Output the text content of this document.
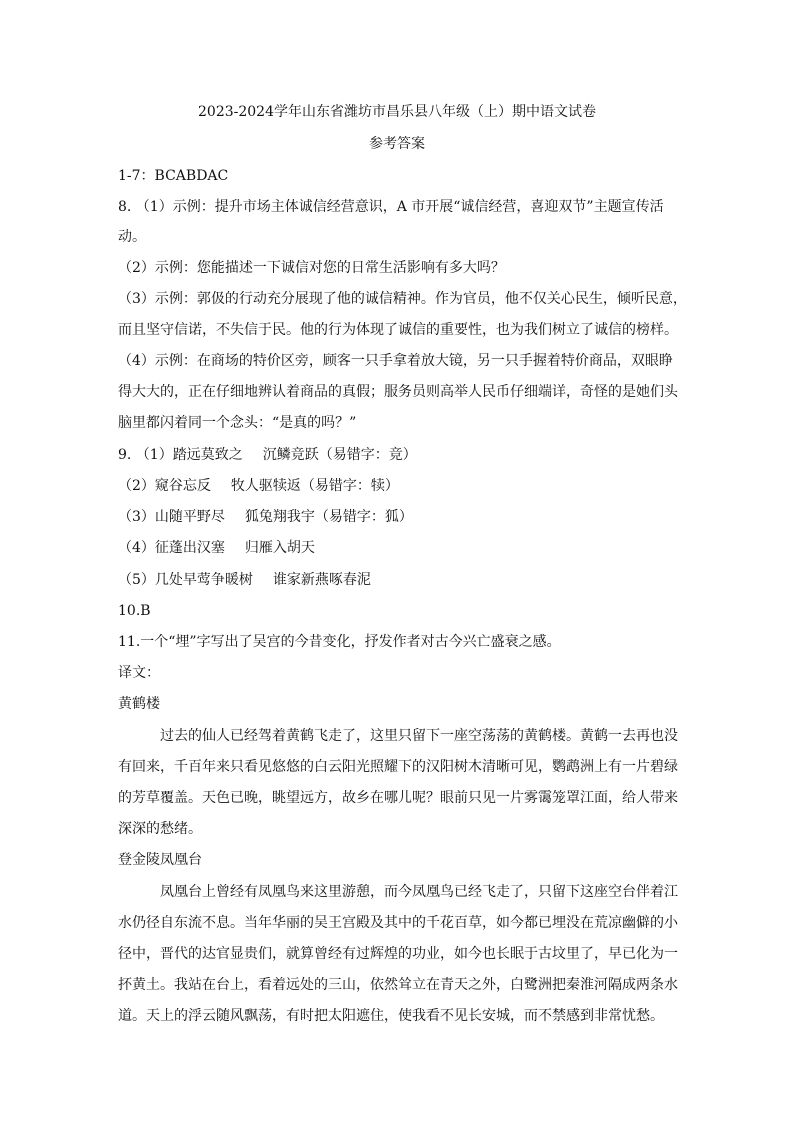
2023-2024学年山东省潍坊市昌乐县八年级（上）期中语文试卷
参考答案
1-7：BCABDAC
8. （1）示例：提升市场主体诚信经营意识，A 市开展“诚信经营，喜迎双节”主题宣传活
动。
（2）示例：您能描述一下诚信对您的日常生活影响有多大吗？
（3）示例：郭伋的行动充分展现了他的诚信精神。作为官员，他不仅关心民生，倾听民意，
而且坚守信诺，不失信于民。他的行为体现了诚信的重要性，也为我们树立了诚信的榜样。
（4）示例：在商场的特价区旁，顾客一只手拿着放大镜，另一只手握着特价商品，双眼睁
得大大的，正在仔细地辨认着商品的真假；服务员则高举人民币仔细端详，奇怪的是她们头
脑里都闪着同一个念头：“是真的吗？”
9. （1）踏远莫致之 沉鳞竞跃（易错字：竞）
（2）窥谷忘反 牧人驱犊返（易错字：犊）
（3）山随平野尽 狐兔翔我宇（易错字：狐）
（4）征蓬出汉塞 归雁入胡天
（5）几处早莺争暖树 谁家新燕啄春泥
10.B
11.一个“埋”字写出了吴宫的今昔变化，抒发作者对古今兴亡盛衰之感。
译文：
黄鹤楼
过去的仙人已经驾着黄鹤飞走了，这里只留下一座空荡荡的黄鹤楼。黄鹤一去再也没
有回来，千百年来只看见悠悠的白云阳光照耀下的汉阳树木清晰可见，鹦鹉洲上有一片碧绿
的芳草覆盖。天色已晚，眺望远方，故乡在哪儿呢？眼前只见一片雾霭笼罩江面，给人带来
深深的愁绪。
登金陵凤凰台
凤凰台上曾经有凤凰鸟来这里游憩，而今凤凰鸟已经飞走了，只留下这座空台伴着江
水仍径自东流不息。当年华丽的吴王宫殿及其中的千花百草，如今都已埋没在荒凉幽僻的小
径中，晋代的达官显贵们，就算曾经有过辉煌的功业，如今也长眠于古坟里了，早已化为一
抔黄土。我站在台上，看着远处的三山，依然耸立在青天之外，白鹭洲把秦淮河隔成两条水
道。天上的浮云随风飘荡，有时把太阳遮住，使我看不见长安城，而不禁感到非常忧愁。
